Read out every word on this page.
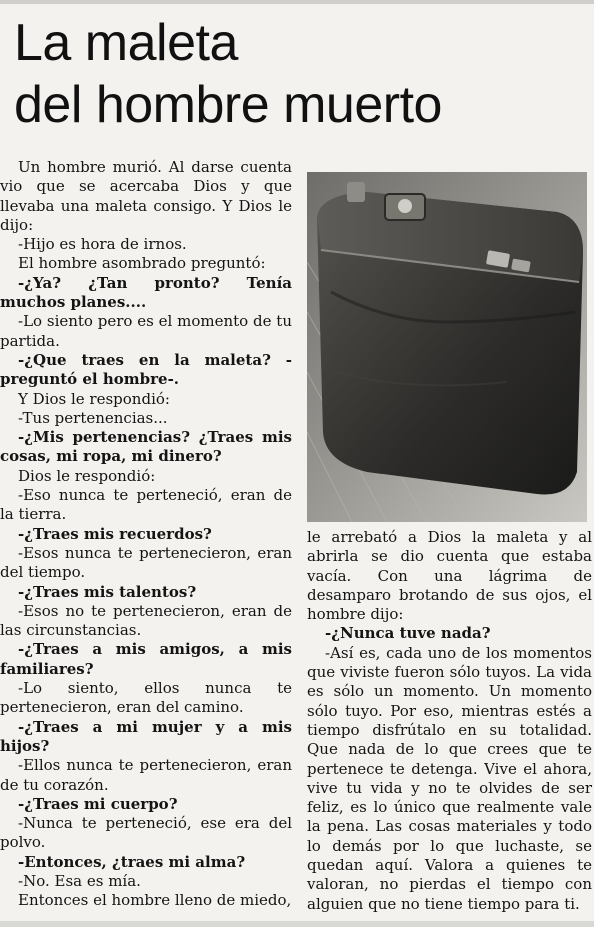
La maleta
del hombre muerto

Un hombre murió. Al darse cuenta vio que se acercaba Dios y que llevaba una maleta consigo. Y Dios le dijo:

-Hijo es hora de irnos.

El hombre asombrado preguntó:

-¿Ya? ¿Tan pronto? Tenía muchos planes....

-Lo siento pero es el momento de tu partida.

-¿Que traes en la maleta? -preguntó el hombre-.

Y Dios le respondió:

-Tus pertenencias...

-¿Mis pertenencias? ¿Traes mis cosas, mi ropa, mi dinero?

Dios le respondió:

-Eso nunca te perteneció, eran de la tierra.

-¿Traes mis recuerdos?

-Esos nunca te pertenecieron, eran del tiempo.

-¿Traes mis talentos?

-Esos no te pertenecieron, eran de las circunstancias.

-¿Traes a mis amigos, a mis familiares?

-Lo siento, ellos nunca te pertenecieron, eran del camino.

-¿Traes a mi mujer y a mis hijos?

-Ellos nunca te pertenecieron, eran de tu corazón.

-¿Traes mi cuerpo?

-Nunca te perteneció, ese era del polvo.

-Entonces, ¿traes mi alma?

-No. Esa es mía.

Entonces el hombre lleno de miedo,

le arrebató a Dios la maleta y al abrirla se dio cuenta que estaba vacía. Con una lágrima de desamparo brotando de sus ojos, el hombre dijo:

-¿Nunca tuve nada?

-Así es, cada uno de los momentos que viviste fueron sólo tuyos. La vida es sólo un momento. Un momento sólo tuyo. Por eso, mientras estés a tiempo disfrútalo en su totalidad. Que nada de lo que crees que te pertenece te detenga. Vive el ahora, vive tu vida y no te olvides de ser feliz, es lo único que realmente vale la pena. Las cosas materiales y todo lo demás por lo que luchaste, se quedan aquí. Valora a quienes te valoran, no pierdas el tiempo con alguien que no tiene tiempo para ti.
